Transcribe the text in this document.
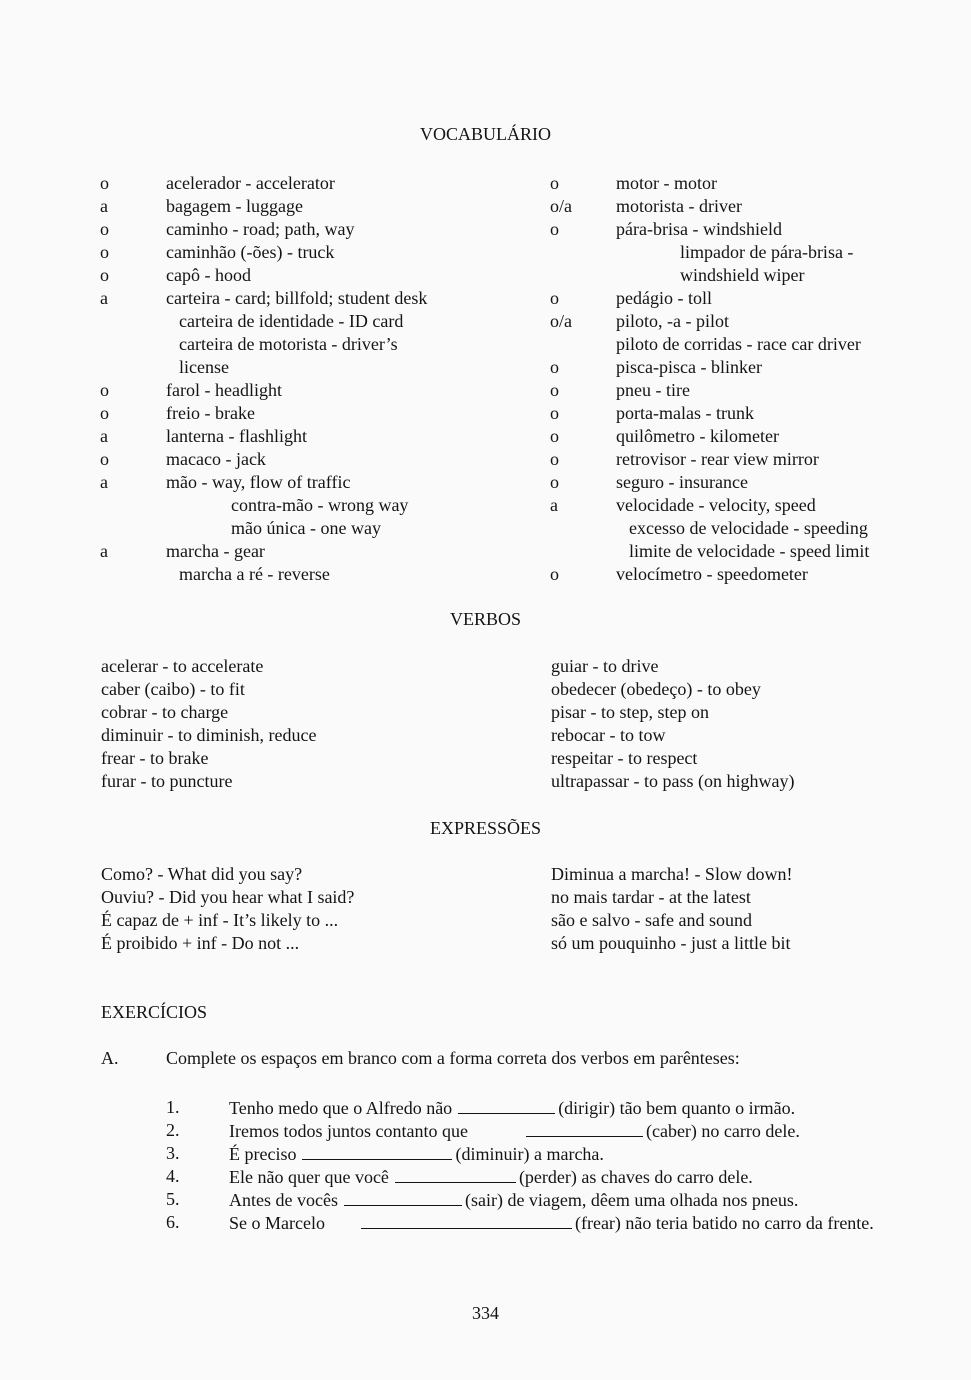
VOCABULÁRIO
o	acelerador - accelerator
a	bagagem - luggage
o	caminho - road; path, way
o	caminhão (-ões) - truck
o	capô - hood
a	carteira - card; billfold; student desk
carteira de identidade - ID card
carteira de motorista - driver’s
license
o	farol - headlight
o	freio - brake
a	lanterna - flashlight
o	macaco - jack
a	mão - way, flow of traffic
contra-mão - wrong way
mão única - one way
a	marcha - gear
marcha a ré - reverse
o	motor - motor
o/a motorista - driver
o	pára-brisa - windshield
limpador de pára-brisa -
windshield wiper
o	pedágio - toll
o/a piloto, -a - pilot
piloto de corridas - race car driver
o	pisca-pisca - blinker
o	pneu - tire
o	porta-malas - trunk
o	quilômetro - kilometer
o	retrovisor - rear view mirror
o	seguro - insurance
a	velocidade - velocity, speed
excesso de velocidade - speeding
limite de velocidade - speed limit
o	velocímetro - speedometer
VERBOS
acelerar - to accelerate
caber (caibo) - to fit
cobrar - to charge
diminuir - to diminish, reduce
frear - to brake
furar - to puncture
guiar - to drive
obedecer (obedeço) - to obey
pisar - to step, step on
rebocar - to tow
respeitar - to respect
ultrapassar - to pass (on highway)
EXPRESSÕES
Como? - What did you say?
Ouviu? - Did you hear what I said?
É capaz de + inf - It’s likely to ...
É proibido + inf - Do not ...
Diminua a marcha! - Slow down!
no mais tardar - at the latest
são e salvo - safe and sound
só um pouquinho - just a little bit
EXERCÍCIOS
A.	Complete os espaços em branco com a forma correta dos verbos em parênteses:
1.	Tenho medo que o Alfredo não	(dirigir) tão bem quanto o irmão.
2.	Iremos todos juntos contanto que	(caber) no carro dele.
3.	É preciso	(diminuir) a marcha.
4.	Ele não quer que você	(perder) as chaves do carro dele.
5.	Antes de vocês	(sair) de viagem, dêem uma olhada nos pneus.
6.	Se o Marcelo	(frear) não teria batido no carro da frente.
334
